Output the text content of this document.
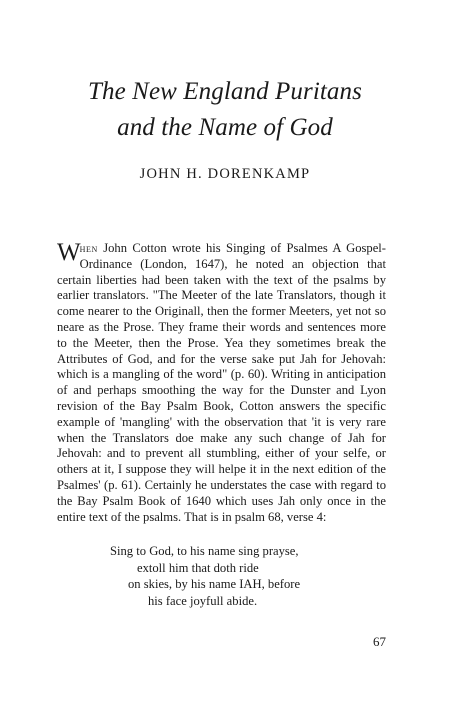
The New England Puritans
and the Name of God
JOHN H. DORENKAMP

When John Cotton wrote his Singing of Psalmes A Gospel-Ordinance (London, 1647), he noted an objection that certain liberties had been taken with the text of the psalms by earlier translators. "The Meeter of the late Translators, though it come nearer to the Originall, then the former Meeters, yet not so neare as the Prose. They frame their words and sentences more to the Meeter, then the Prose. Yea they sometimes break the Attributes of God, and for the verse sake put Jah for Jehovah: which is a mangling of the word" (p. 60). Writing in anticipation of and perhaps smoothing the way for the Dunster and Lyon revision of the Bay Psalm Book, Cotton answers the specific example of 'mangling' with the observation that 'it is very rare when the Translators doe make any such change of Jah for Jehovah: and to prevent all stumbling, either of your selfe, or others at it, I suppose they will helpe it in the next edition of the Psalmes' (p. 61). Certainly he understates the case with regard to the Bay Psalm Book of 1640 which uses Jah only once in the entire text of the psalms. That is in psalm 68, verse 4:

Sing to God, to his name sing prayse,
extoll him that doth ride
on skies, by his name IAH, before
his face joyfull abide.
67
